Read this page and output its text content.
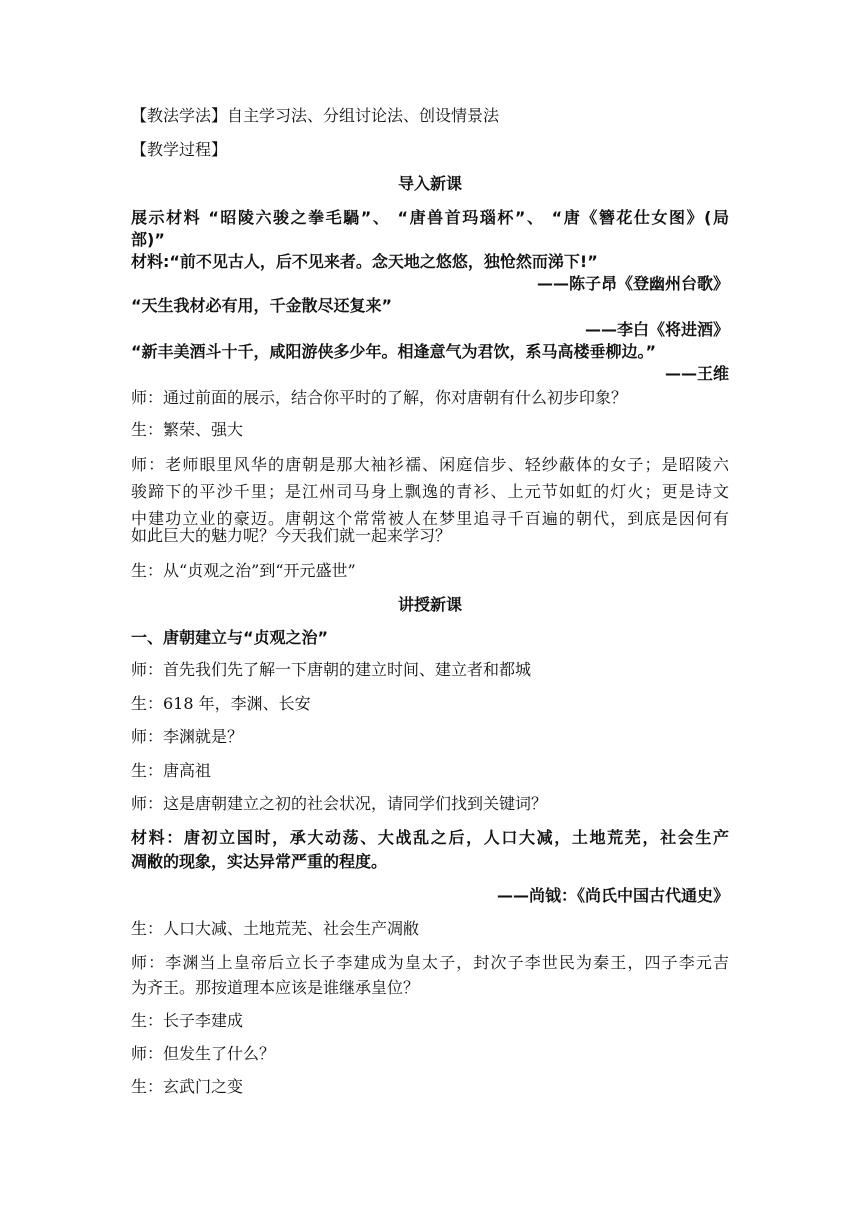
【教法学法】自主学习法、分组讨论法、创设情景法
【教学过程】
导入新课
展示材料 “昭陵六骏之拳毛騧”、 “唐兽首玛瑙杯”、 “唐《簪花仕女图》(局
部)”
材料:“前不见古人，后不见来者。念天地之悠悠，独怆然而涕下!”
——陈子昂《登幽州台歌》
“天生我材必有用，千金散尽还复来”
——李白《将进酒》
“新丰美酒斗十千，咸阳游侠多少年。相逢意气为君饮，系马高楼垂柳边。”
——王维
师：通过前面的展示，结合你平时的了解，你对唐朝有什么初步印象？
生：繁荣、强大
师：老师眼里风华的唐朝是那大袖衫襦、闲庭信步、轻纱蔽体的女子；是昭陵六
骏蹄下的平沙千里；是江州司马身上飘逸的青衫、上元节如虹的灯火；更是诗文
中建功立业的豪迈。唐朝这个常常被人在梦里追寻千百遍的朝代，到底是因何有
如此巨大的魅力呢？今天我们就一起来学习？
生：从“贞观之治”到“开元盛世”
讲授新课
一、唐朝建立与“贞观之治”
师：首先我们先了解一下唐朝的建立时间、建立者和都城
生：618 年，李渊、长安
师：李渊就是？
生：唐高祖
师：这是唐朝建立之初的社会状况，请同学们找到关键词？
材料：唐初立国时，承大动荡、大战乱之后，人口大减，土地荒芜，社会生产
凋敝的现象，实达异常严重的程度。
——尚钺：《尚氏中国古代通史》
生：人口大减、土地荒芜、社会生产凋敝
师：李渊当上皇帝后立长子李建成为皇太子，封次子李世民为秦王，四子李元吉
为齐王。那按道理本应该是谁继承皇位？
生：长子李建成
师：但发生了什么？
生：玄武门之变
